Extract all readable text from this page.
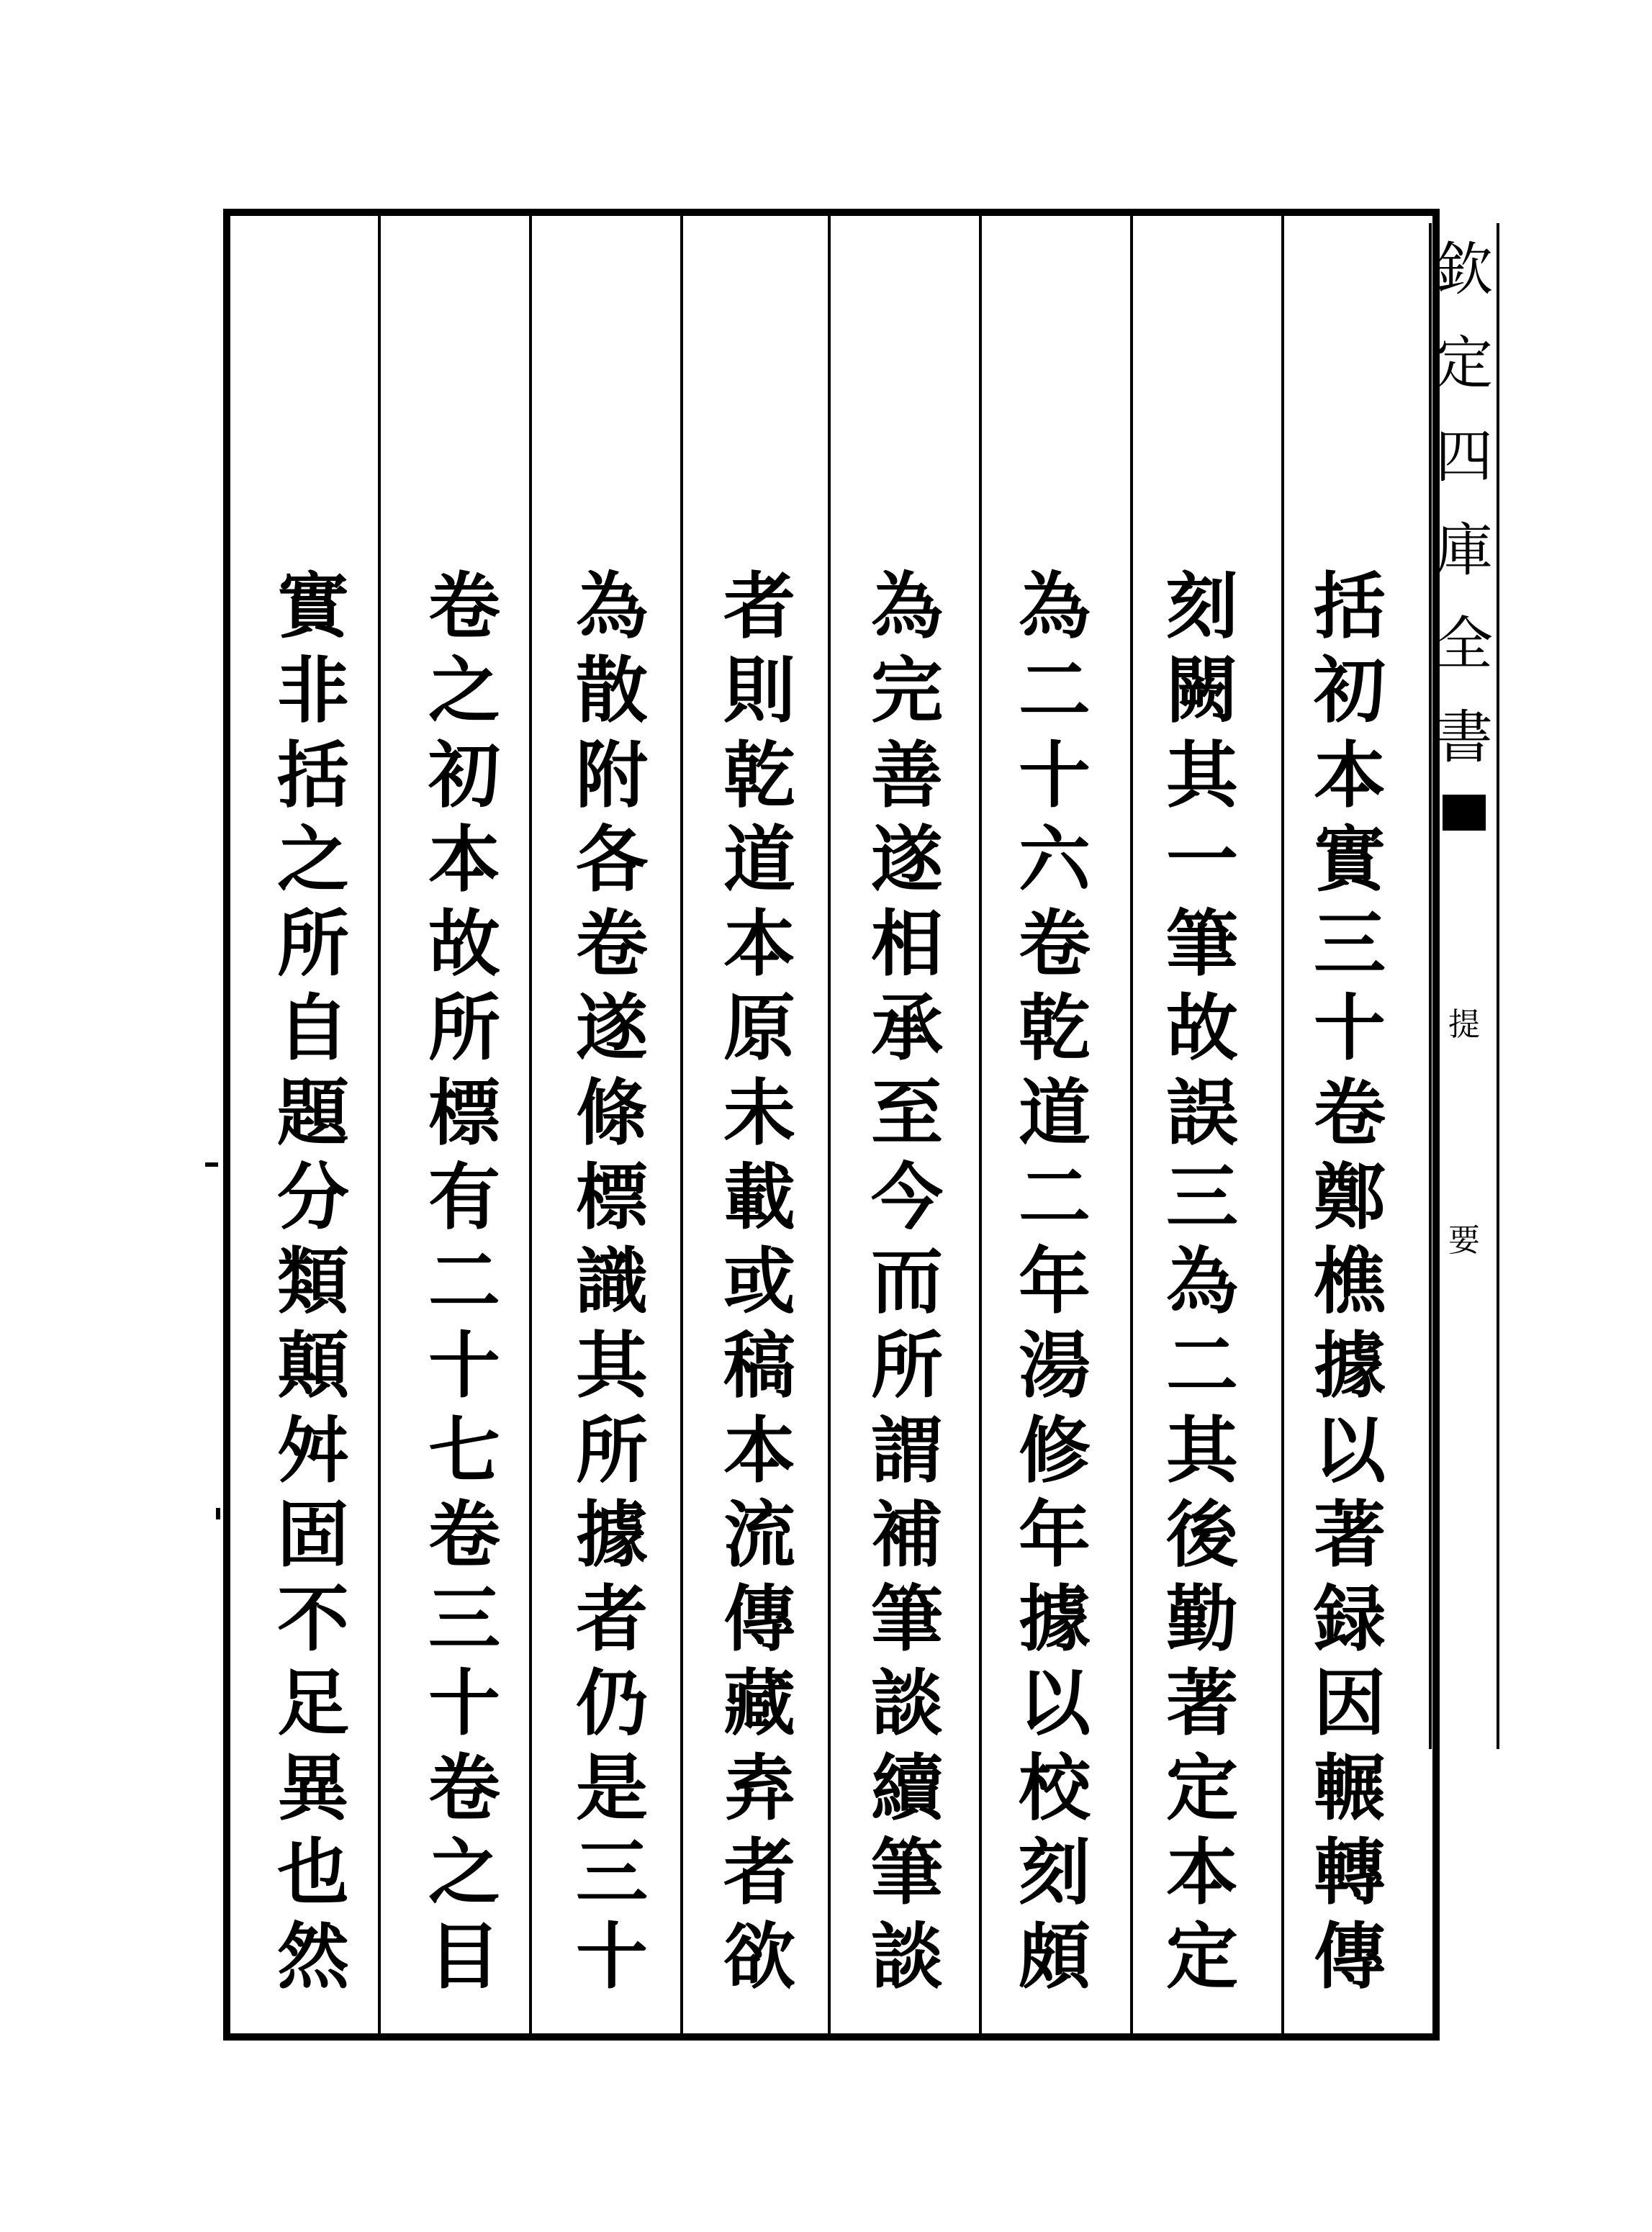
欽
定
四
庫
全
書
提
要
括
初
本
實
三
十
卷
鄭
樵
據
以
著
録
因
輾
轉
傳
刻
闕
其
一
筆
故
誤
三
為
二
其
後
勤
著
定
本
定
為
二
十
六
卷
乾
道
二
年
湯
修
年
據
以
校
刻
頗
為
完
善
遂
相
承
至
今
而
所
謂
補
筆
談
續
筆
談
者
則
乾
道
本
原
未
載
或
稿
本
流
傳
藏
弆
者
欲
為
散
附
各
卷
遂
條
標
識
其
所
據
者
仍
是
三
十
卷
之
初
本
故
所
標
有
二
十
七
卷
三
十
卷
之
目
實
非
括
之
所
自
題
分
類
顛
舛
固
不
足
異
也
然
